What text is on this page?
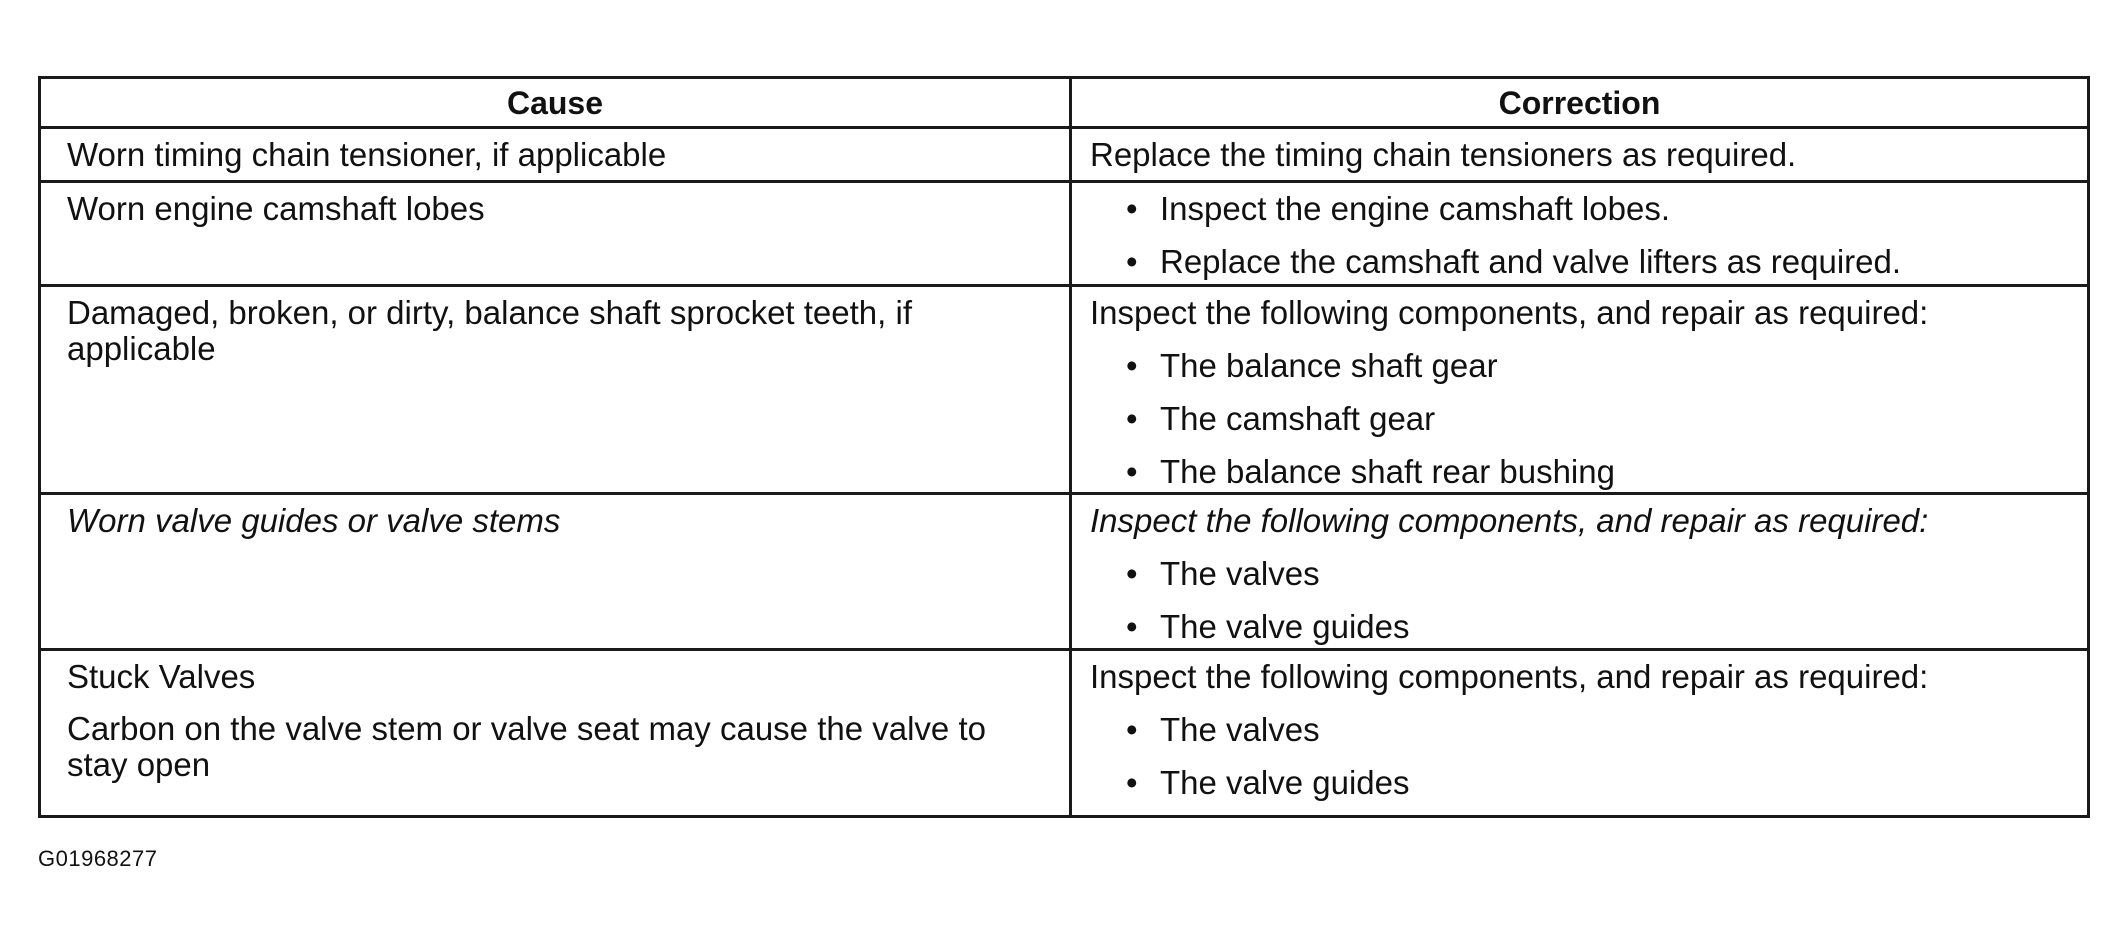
Cause	Correction
Worn timing chain tensioner, if applicable	Replace the timing chain tensioners as required.
Worn engine camshaft lobes
•	Inspect the engine camshaft lobes.
• Replace the camshaft and valve lifters as required.
Damaged, broken, or dirty, balance shaft sprocket teeth, if applicable
Inspect the following components, and repair as required:
• The balance shaft gear
• The camshaft gear
• The balance shaft rear bushing
Worn valve guides or valve stems	Inspect the following components, and repair as required:
• The valves
• The valve guides
Stuck Valves
Carbon on the valve stem or valve seat may cause the valve to stay open
Inspect the following components, and repair as required:
• The valves
• The valve guides
G01968277
